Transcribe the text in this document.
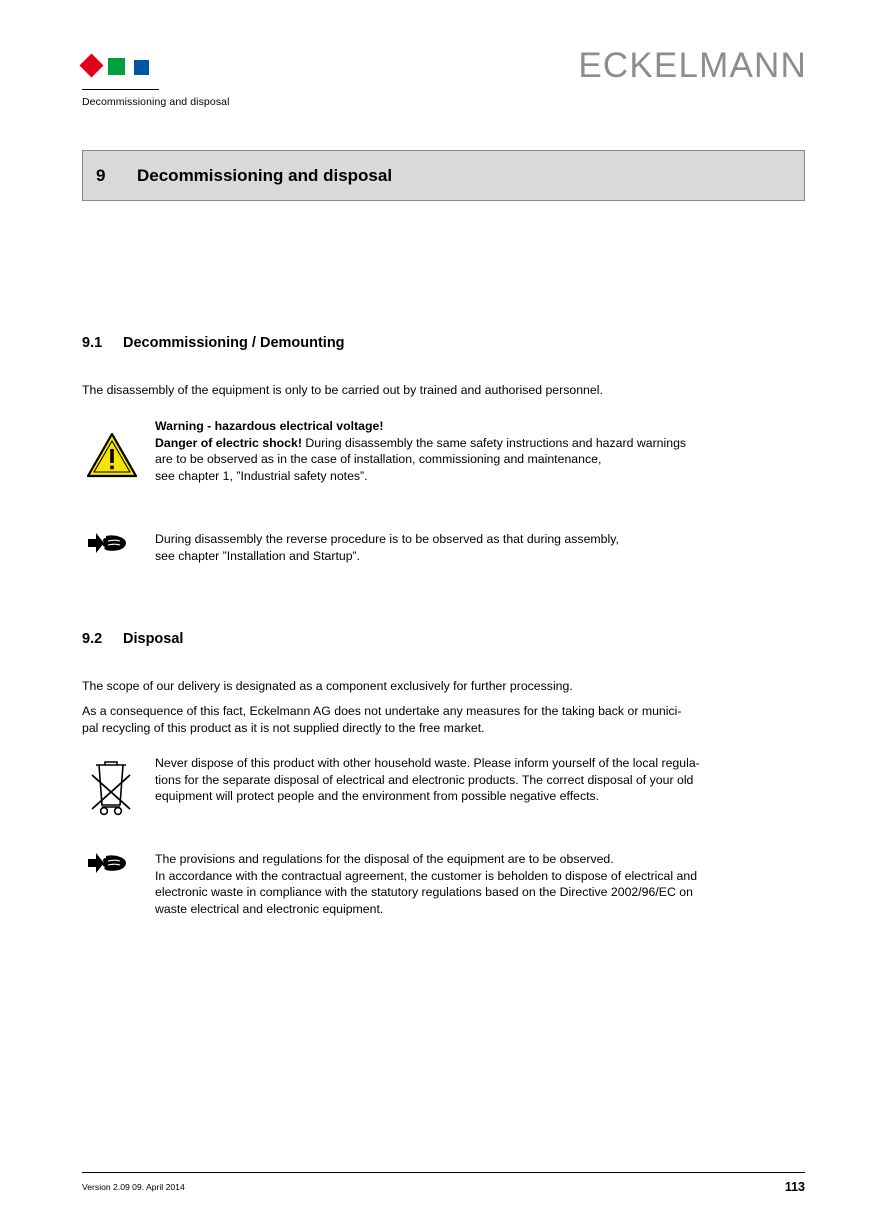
Decommissioning and disposal
ECKELMANN
9 Decommissioning and disposal
9.1 Decommissioning / Demounting
The disassembly of the equipment is only to be carried out by trained and authorised personnel.
Warning - hazardous electrical voltage!
Danger of electric shock! During disassembly the same safety instructions and hazard warnings
are to be observed as in the case of installation, commissioning and maintenance,
see chapter 1, ”Industrial safety notes”.
During disassembly the reverse procedure is to be observed as that during assembly,
see chapter ”Installation and Startup”.
9.2 Disposal
The scope of our delivery is designated as a component exclusively for further processing.
As a consequence of this fact, Eckelmann AG does not undertake any measures for the taking back or munici-
pal recycling of this product as it is not supplied directly to the free market.
Never dispose of this product with other household waste. Please inform yourself of the local regula-
tions for the separate disposal of electrical and electronic products. The correct disposal of your old
equipment will protect people and the environment from possible negative effects.
The provisions and regulations for the disposal of the equipment are to be observed.
In accordance with the contractual agreement, the customer is beholden to dispose of electrical and
electronic waste in compliance with the statutory regulations based on the Directive 2002/96/EC on
waste electrical and electronic equipment.
Version 2.09 09. April 2014	113
